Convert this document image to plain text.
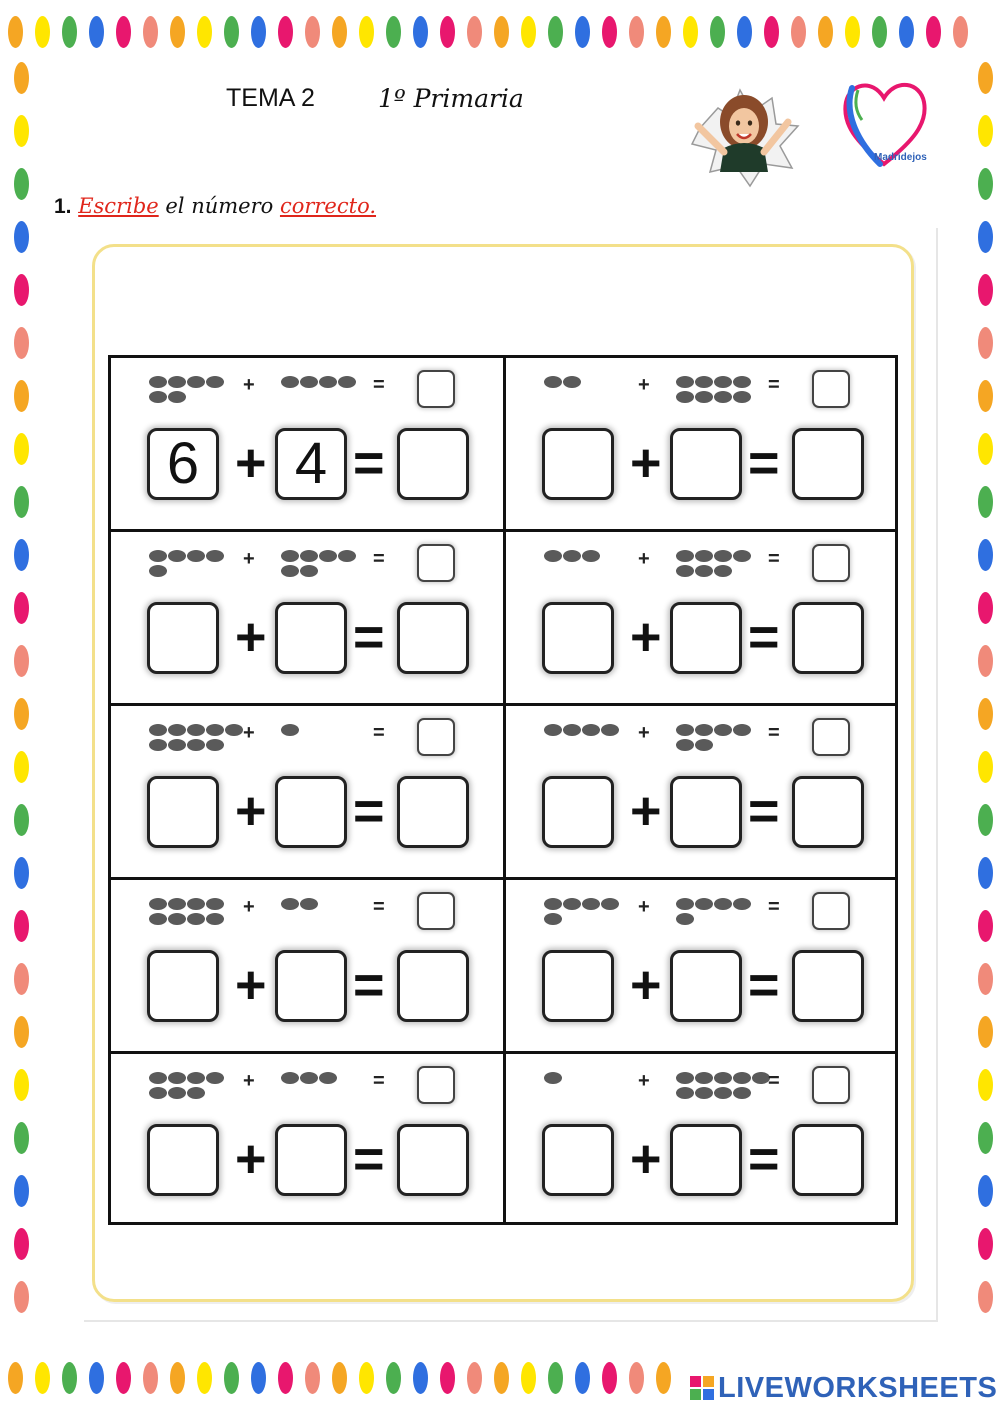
TEMA 2	1º Primaria
Madridejos
1. Escribe el número correcto.
+	=
6 + 4 =
+	=
+ =
+	=
+ =
+	=
+ =
+	=
+ =
+	=
+ =
+	=
+ =
+	=
+ =
+	=
+ =
+	=
+ =
LIVEWORKSHEETS
